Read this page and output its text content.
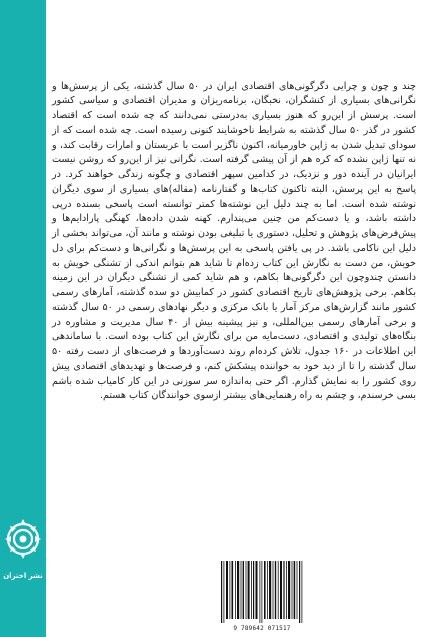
چند و چون و چرایی دگرگونی‌های اقتصادی ایران در ۵۰ سال گذشته، یکی از پرسش‌ها و نگرانی‌های بسیاری از کنشگران، نخبگان، برنامه‌ریزان و مدیران اقتصادی و سیاسی کشور است. پرسش از این‌رو که هنوز بسیاری به‌درستی نمی‌دانند که چه شده است که اقتصاد کشور در گذر ۵۰ سال گذشته به شرایط ناخوشایند کنونی رسیده است. چه شده است که از سودای تبدیل شدن به ژاپن خاورمیانه، اکنون ناگزیر است با عربستان و امارات رقابت کند، و نه تنها ژاپن نشده که کره هم از آن پیشی گرفته است. نگرانی نیز از این‌رو که روشن نیست ایرانیان در آینده دور و نزدیک، در کدامین سپهر اقتصادی و چگونه زندگی خواهند کرد. در پاسخ به این پرسش، البته تاکنون کتاب‌ها و گفتارنامه (مقاله)‌های بسیاری از سوی دیگران نوشته شده است. اما به چند دلیل این نوشته‌ها کمتر توانسته است پاسخی بسنده درپی داشته باشد، و یا دست‌کم من چنین می‌پندارم. کهنه شدن داده‌ها، کهنگی پارادایم‌ها و پیش‌فرض‌های پژوهش و تحلیل، دستوری یا تبلیغی بودن نوشته و مانند آن، می‌تواند بخشی از دلیل این ناکامی باشد. در پی یافتن پاسخی به این پرسش‌ها و نگرانی‌ها و دست‌کم برای دل خویش، من دست به نگارش این کتاب زده‌ام تا شاید هم بتوانم اندکی از تشنگی خویش به دانستن چندوچون این دگرگونی‌ها بکاهم، و هم شاید کمی از تشنگی دیگران در این زمینه بکاهم. برخی پژوهش‌های تاریخ اقتصادی کشور در کمابیش دو سده گذشته، آمارهای رسمی کشور مانند گزارش‌های مرکز آمار یا بانک مرکزی و دیگر نهادهای رسمی در ۵۰ سال گذشته و برخی آمارهای رسمی بین‌المللی، و نیز پیشینه بیش از ۴۰ سال مدیریت و مشاوره در بنگاه‌های تولیدی و اقتصادی، دست‌مایه من برای نگارش این کتاب بوده است. با ساماندهی این اطلاعات در ۱۶۰ جدول، تلاش کرده‌ام روند دست‌آوردها و فرصت‌های از دست رفته ۵۰ سال گذشته را تا از دید خود به خواننده پیشکش کنم، و فرصت‌ها و تهدیدهای اقتصادی پیش روی کشور را به نمایش گذارم. اگر حتی به‌اندازه سر سوزنی در این کار کامیاب شده باشم بسی خرسندم، و چشم به راه رهنمایی‌های بیشتر ازسوی خوانندگان کتاب هستم.

نشر اختران
9 789642 071517
